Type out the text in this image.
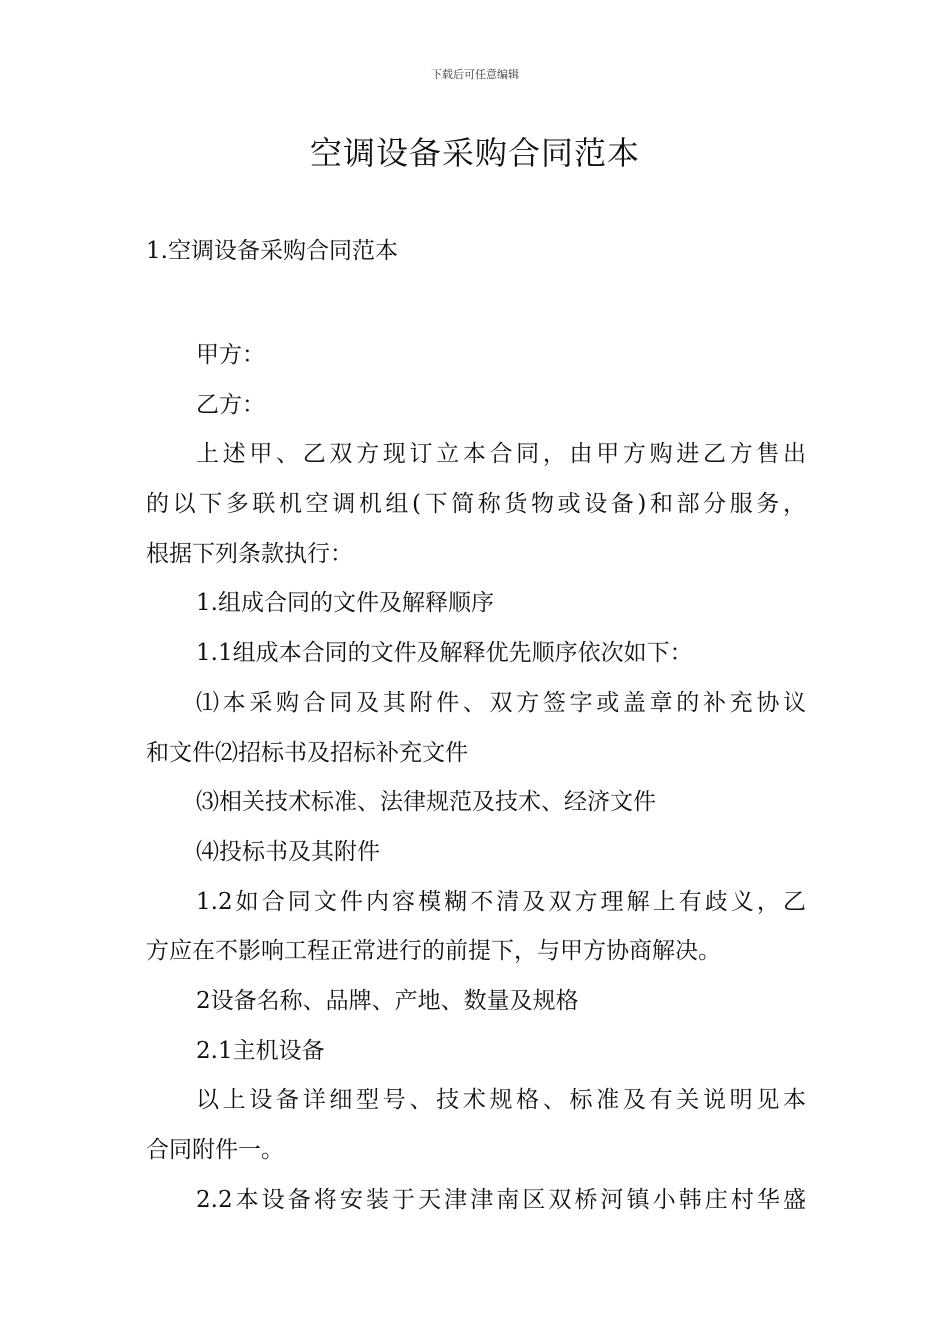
下载后可任意编辑
空调设备采购合同范本
1.空调设备采购合同范本
甲方：
乙方：
上述甲、乙双方现订立本合同，由甲方购进乙方售出
的以下多联机空调机组(下简称货物或设备)和部分服务，
根据下列条款执行：
1.组成合同的文件及解释顺序
1.1组成本合同的文件及解释优先顺序依次如下：
⑴本采购合同及其附件、双方签字或盖章的补充协议
和文件⑵招标书及招标补充文件
⑶相关技术标准、法律规范及技术、经济文件
⑷投标书及其附件
1.2如合同文件内容模糊不清及双方理解上有歧义，乙
方应在不影响工程正常进行的前提下，与甲方协商解决。
2设备名称、品牌、产地、数量及规格
2.1主机设备
以上设备详细型号、技术规格、标准及有关说明见本
合同附件一。
2.2本设备将安装于天津津南区双桥河镇小韩庄村华盛
